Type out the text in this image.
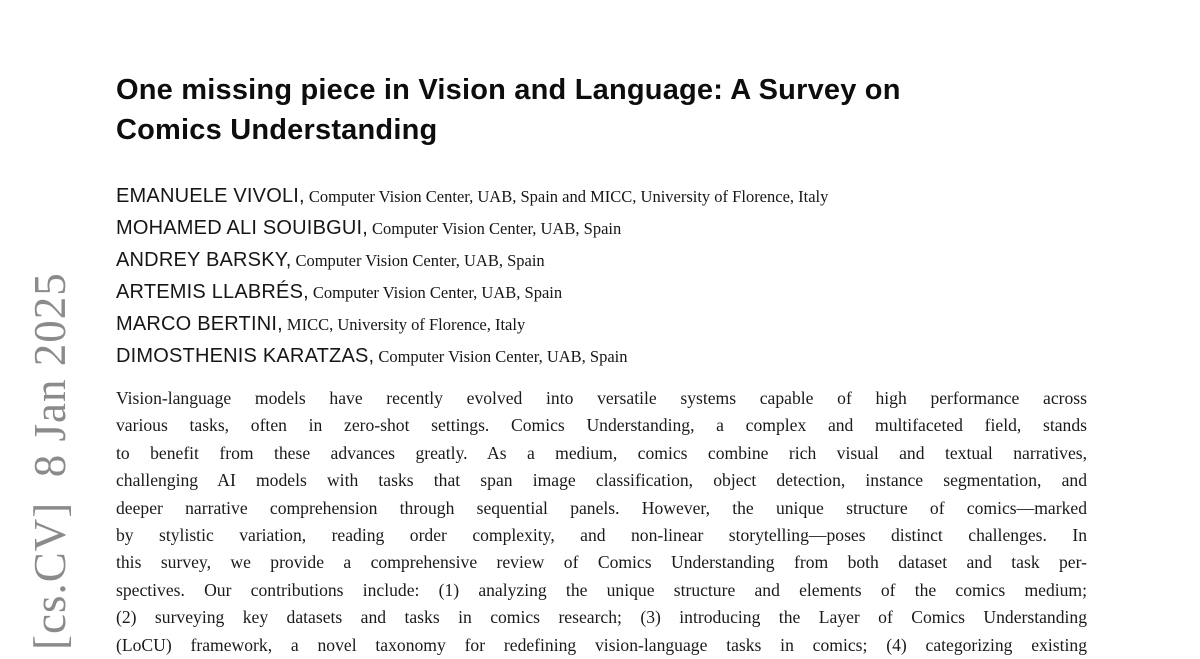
[cs.CV]  8 Jan 2025
One missing piece in Vision and Language: A Survey on
Comics Understanding
EMANUELE VIVOLI, Computer Vision Center, UAB, Spain and MICC, University of Florence, Italy
MOHAMED ALI SOUIBGUI, Computer Vision Center, UAB, Spain
ANDREY BARSKY, Computer Vision Center, UAB, Spain
ARTEMIS LLABRÉS, Computer Vision Center, UAB, Spain
MARCO BERTINI, MICC, University of Florence, Italy
DIMOSTHENIS KARATZAS, Computer Vision Center, UAB, Spain
Vision-language models have recently evolved into versatile systems capable of high performance across
various tasks, often in zero-shot settings. Comics Understanding, a complex and multifaceted field, stands
to benefit from these advances greatly. As a medium, comics combine rich visual and textual narratives,
challenging AI models with tasks that span image classification, object detection, instance segmentation, and
deeper narrative comprehension through sequential panels. However, the unique structure of comics—marked
by stylistic variation, reading order complexity, and non-linear storytelling—poses distinct challenges. In
this survey, we provide a comprehensive review of Comics Understanding from both dataset and task per-
spectives. Our contributions include: (1) analyzing the unique structure and elements of the comics medium;
(2) surveying key datasets and tasks in comics research; (3) introducing the Layer of Comics Understanding
(LoCU) framework, a novel taxonomy for redefining vision-language tasks in comics; (4) categorizing existing
